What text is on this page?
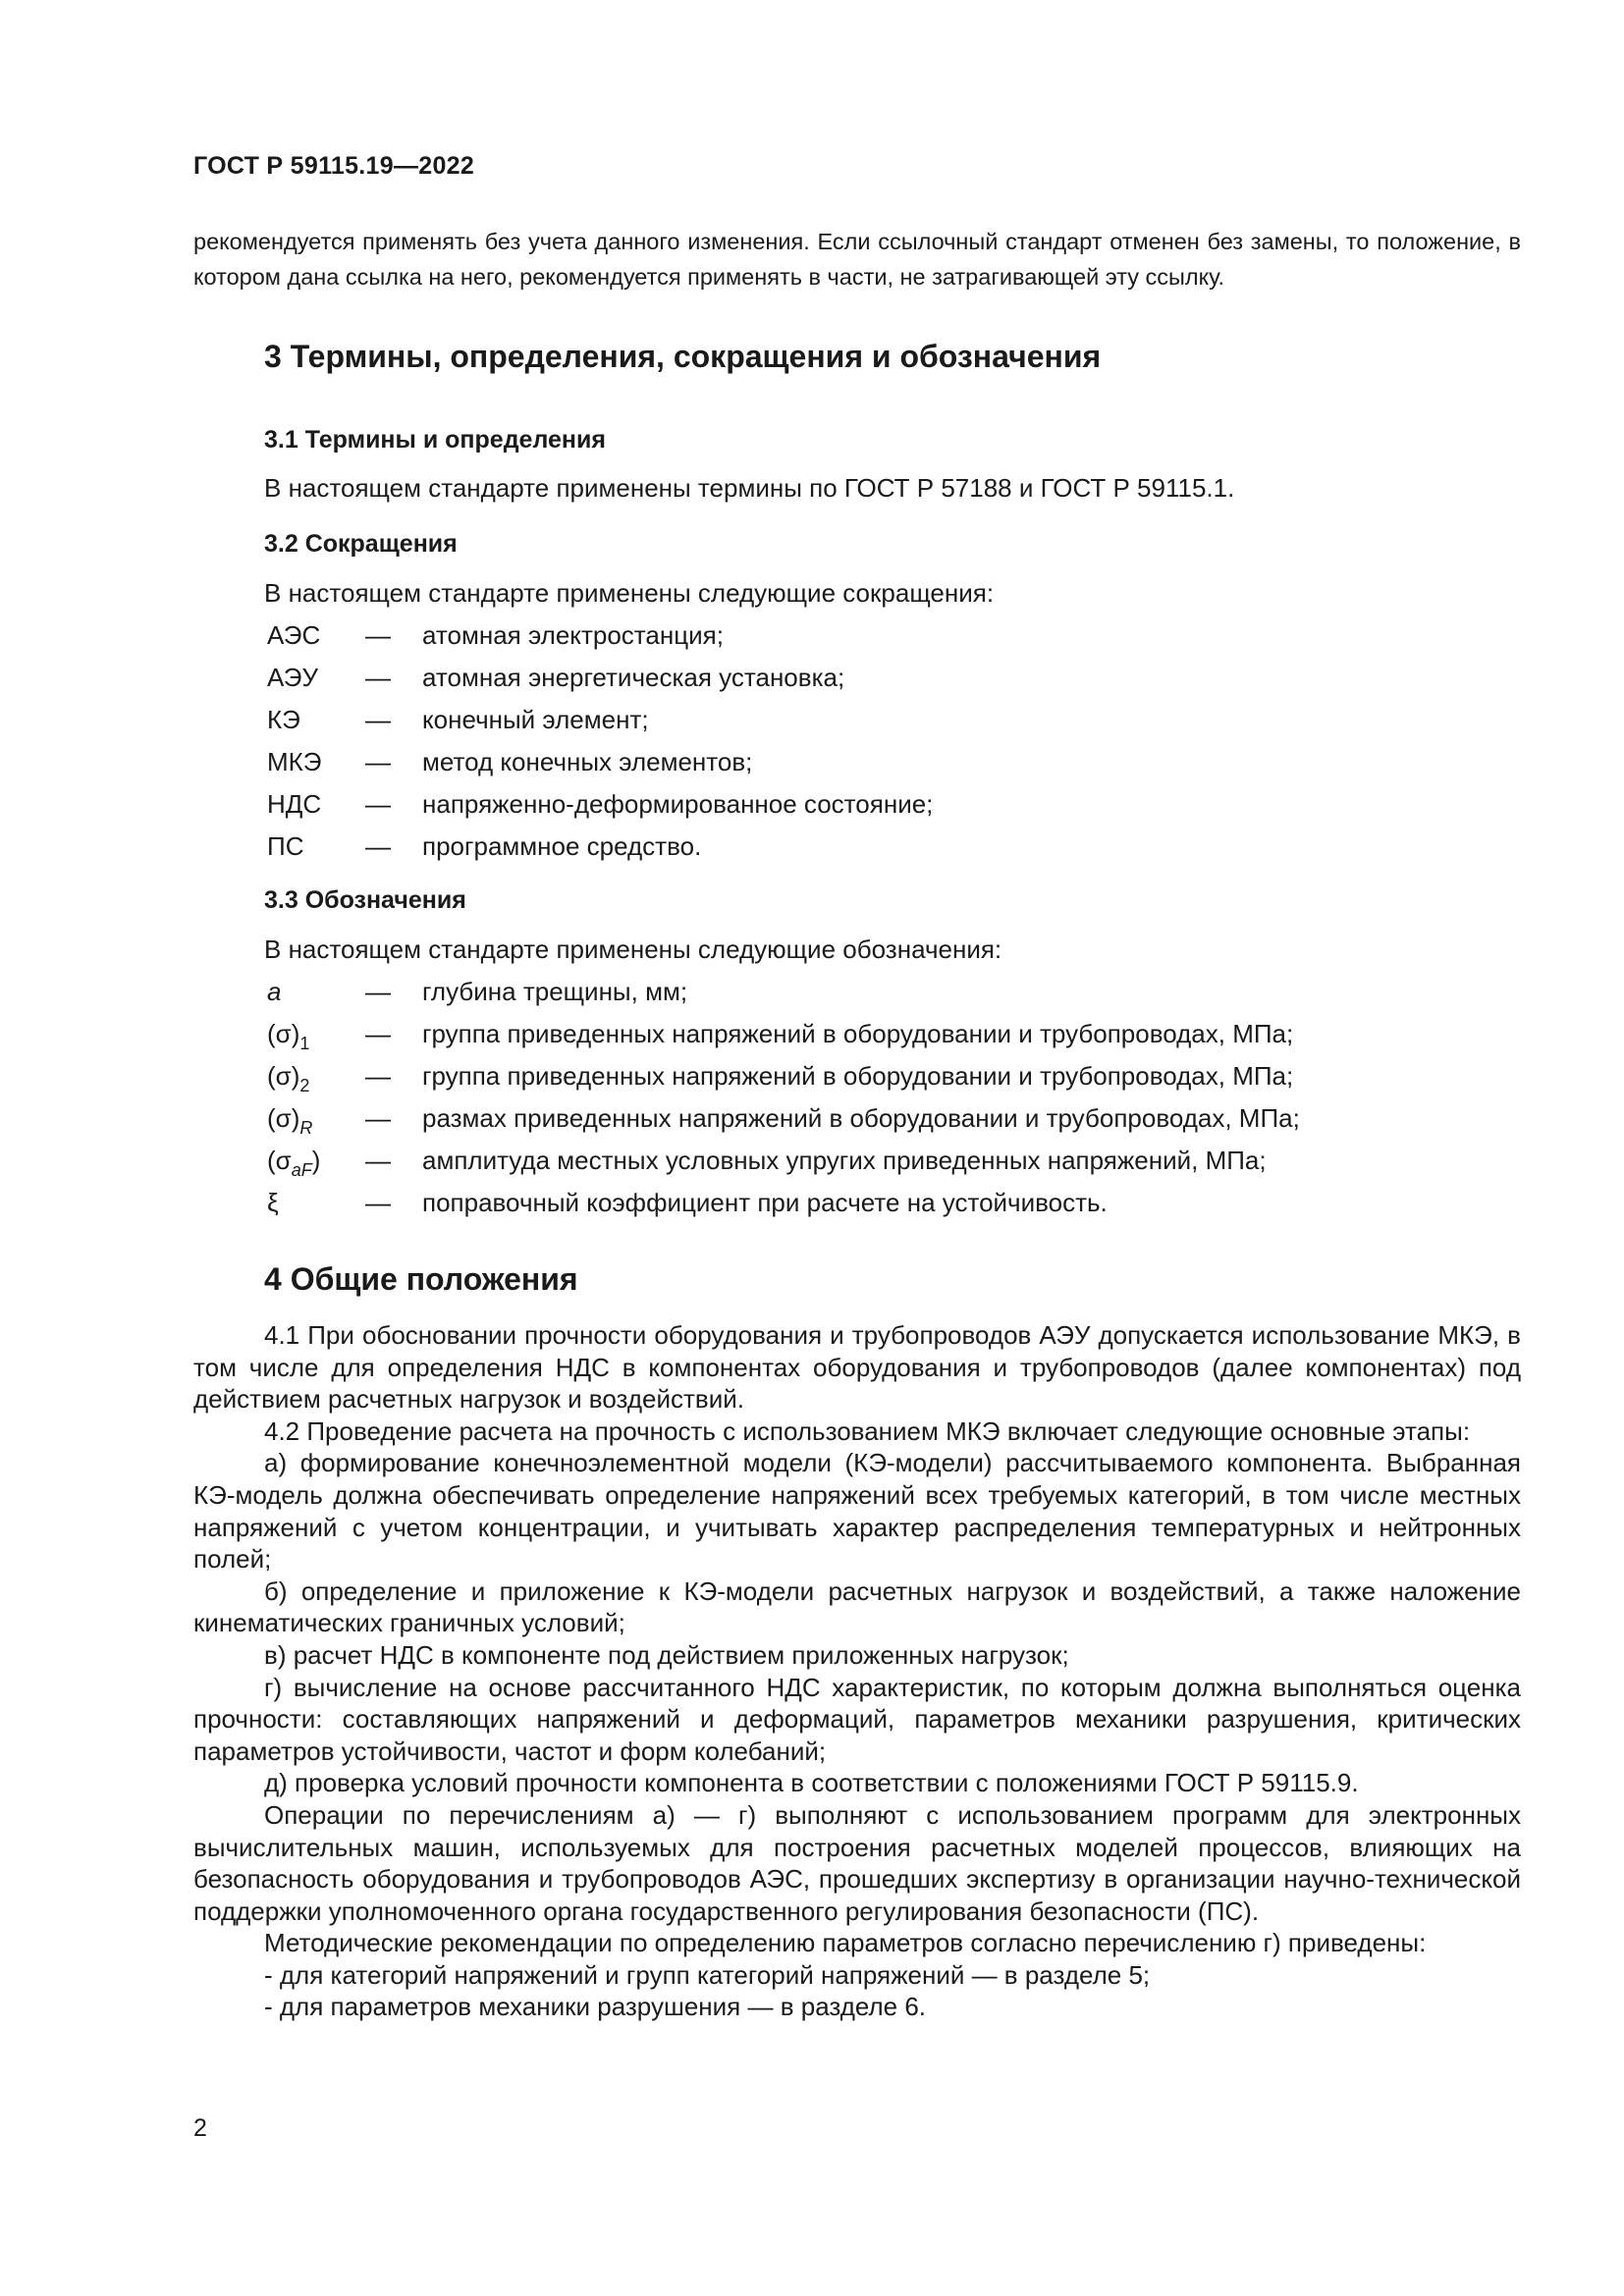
ГОСТ Р 59115.19—2022
рекомендуется применять без учета данного изменения. Если ссылочный стандарт отменен без замены, то положение, в котором дана ссылка на него, рекомендуется применять в части, не затрагивающей эту ссылку.
3 Термины, определения, сокращения и обозначения
3.1 Термины и определения
В настоящем стандарте применены термины по ГОСТ Р 57188 и ГОСТ Р 59115.1.
3.2 Сокращения
В настоящем стандарте применены следующие сокращения:
АЭС — атомная электростанция;
АЭУ — атомная энергетическая установка;
КЭ	— конечный элемент;
МКЭ — метод конечных элементов;
НДС — напряженно-деформированное состояние;
ПС — программное средство.
3.3 Обозначения
В настоящем стандарте применены следующие обозначения:
a	— глубина трещины, мм;
$(\sigma)_1$ — группа приведенных напряжений в оборудовании и трубопроводах, МПа;
$(\sigma)_2$ — группа приведенных напряжений в оборудовании и трубопроводах, МПа;
$(\sigma)_R$ — размах приведенных напряжений в оборудовании и трубопроводах, МПа;
$(\sigma_{aF})$ — амплитуда местных условных упругих приведенных напряжений, МПа;
ξ	— поправочный коэффициент при расчете на устойчивость.
4 Общие положения

4.1 При обосновании прочности оборудования и трубопроводов АЭУ допускается использование МКЭ, в том числе для определения НДС в компонентах оборудования и трубопроводов (далее компонентах) под действием расчетных нагрузок и воздействий.

4.2 Проведение расчета на прочность с использованием МКЭ включает следующие основные этапы:

а) формирование конечноэлементной модели (КЭ-модели) рассчитываемого компонента. Выбранная КЭ-модель должна обеспечивать определение напряжений всех требуемых категорий, в том числе местных напряжений с учетом концентрации, и учитывать характер распределения температурных и нейтронных полей;

б) определение и приложение к КЭ-модели расчетных нагрузок и воздействий, а также наложение кинематических граничных условий;

в) расчет НДС в компоненте под действием приложенных нагрузок;

г) вычисление на основе рассчитанного НДС характеристик, по которым должна выполняться оценка прочности: составляющих напряжений и деформаций, параметров механики разрушения, критических параметров устойчивости, частот и форм колебаний;

д) проверка условий прочности компонента в соответствии с положениями ГОСТ Р 59115.9.

Операции по перечислениям а) — г) выполняют с использованием программ для электронных вычислительных машин, используемых для построения расчетных моделей процессов, влияющих на безопасность оборудования и трубопроводов АЭС, прошедших экспертизу в организации научно-технической поддержки уполномоченного органа государственного регулирования безопасности (ПС).

Методические рекомендации по определению параметров согласно перечислению г) приведены:

- для категорий напряжений и групп категорий напряжений — в разделе 5;

- для параметров механики разрушения — в разделе 6.

2
